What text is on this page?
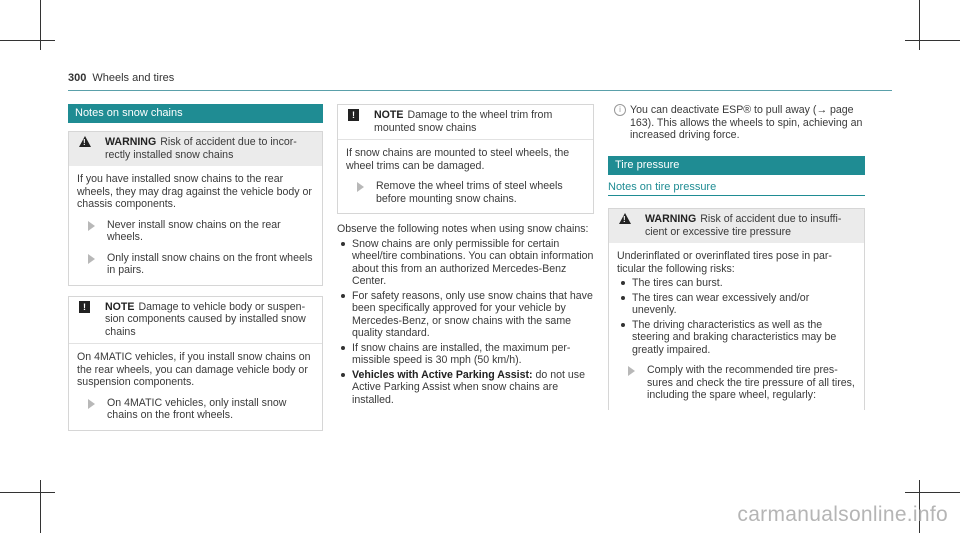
300 Wheels and tires
Notes on snow chains
!
WARNING Risk of accident due to incorrectly installed snow chains

If you have installed snow chains to the rear wheels, they may drag against the vehicle body or chassis components.

Never install snow chains on the rear wheels.
Only install snow chains on the front wheels in pairs.
!	NOTE Damage to vehicle body or suspension components caused by installed snow chains

On 4MATIC vehicles, if you install snow chains on the rear wheels, you can damage vehicle body or suspension components.

On 4MATIC vehicles, only install snow chains on the front wheels.
!	NOTE Damage to the wheel trim from mounted snow chains

If snow chains are mounted to steel wheels, the wheel trims can be damaged.

Remove the wheel trims of steel wheels before mounting snow chains.

Observe the following notes when using snow chains:

Snow chains are only permissible for certain wheel/tire combinations. You can obtain information about this from an authorized Mercedes-Benz Center.
For safety reasons, only use snow chains that have been specifically approved for your vehicle by Mercedes-Benz, or snow chains with the same quality standard.
If snow chains are installed, the maximum permissible speed is 30 mph (50 km/h).
Vehicles with Active Parking Assist: do not use Active Parking Assist when snow chains are installed.
i You can deactivate ESP® to pull away (→ page 163). This allows the wheels to spin, achieving an increased driving force.
Tire pressure
Notes on tire pressure
!
WARNING Risk of accident due to insufficient or excessive tire pressure

Underinflated or overinflated tires pose in particular the following risks:

The tires can burst.
The tires can wear excessively and/or unevenly.
The driving characteristics as well as the steering and braking characteristics may be greatly impaired.
Comply with the recommended tire pressures and check the tire pressure of all tires, including the spare wheel, regularly:
carmanualsonline.info
